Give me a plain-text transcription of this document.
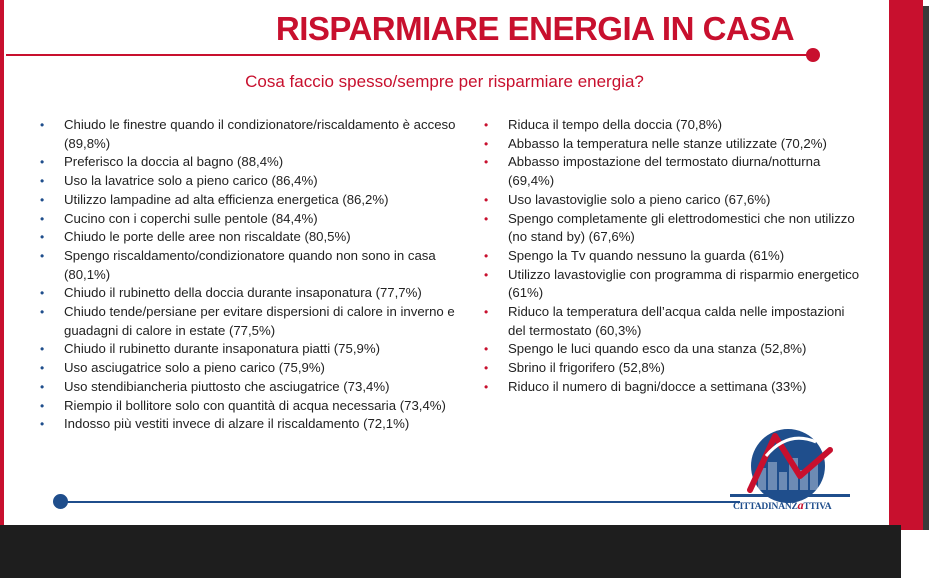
RISPARMIARE ENERGIA IN CASA
Cosa faccio spesso/sempre per risparmiare energia?
• Chiudo le finestre quando il condizionatore/riscaldamento è acceso (89,8%)
• Preferisco la doccia al bagno (88,4%)
• Uso la lavatrice solo a pieno carico (86,4%)
• Utilizzo lampadine ad alta efficienza energetica (86,2%)
• Cucino con i coperchi sulle pentole (84,4%)
• Chiudo le porte delle aree non riscaldate (80,5%)
• Spengo riscaldamento/condizionatore quando non sono in casa (80,1%)
• Chiudo il rubinetto della doccia durante insaponatura (77,7%)
• Chiudo tende/persiane per evitare dispersioni di calore in inverno e guadagni di calore in estate (77,5%)
• Chiudo il rubinetto durante insaponatura piatti (75,9%)
• Uso asciugatrice solo a pieno carico (75,9%)
• Uso stendibiancheria piuttosto che asciugatrice (73,4%)
• Riempio il bollitore solo con quantità di acqua necessaria (73,4%)
• Indosso più vestiti invece di alzare il riscaldamento (72,1%)
• Riduca il tempo della doccia (70,8%)
• Abbasso la temperatura nelle stanze utilizzate (70,2%)
• Abbasso impostazione del termostato diurna/notturna (69,4%)
• Uso lavastoviglie solo a pieno carico (67,6%)
• Spengo completamente gli elettrodomestici che non utilizzo (no stand by) (67,6%)
• Spengo la Tv quando nessuno la guarda (61%)
• Utilizzo lavastoviglie con programma di risparmio energetico (61%)
• Riduco la temperatura dell’acqua calda nelle impostazioni del termostato (60,3%)
• Spengo le luci quando esco da una stanza (52,8%)
• Sbrino il frigorifero (52,8%)
• Riduco il numero di bagni/docce a settimana (33%)
CITTADINANZaTTIVA
